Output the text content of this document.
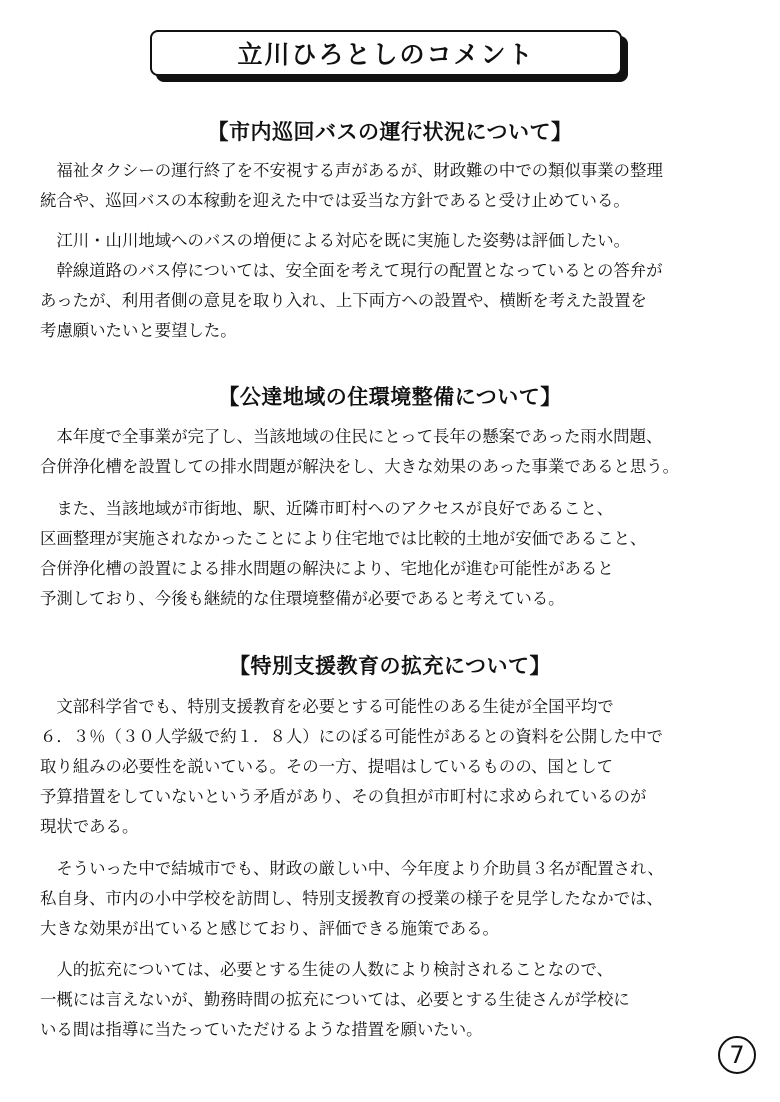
立川ひろとしのコメント
【市内巡回バスの運行状況について】

　福祉タクシーの運行終了を不安視する声があるが、財政難の中での類似事業の整理
統合や、巡回バスの本稼動を迎えた中では妥当な方針であると受け止めている。

　江川・山川地域へのバスの増便による対応を既に実施した姿勢は評価したい。
　幹線道路のバス停については、安全面を考えて現行の配置となっているとの答弁が
あったが、利用者側の意見を取り入れ、上下両方への設置や、横断を考えた設置を
考慮願いたいと要望した。

【公達地域の住環境整備について】

　本年度で全事業が完了し、当該地域の住民にとって長年の懸案であった雨水問題、
合併浄化槽を設置しての排水問題が解決をし、大きな効果のあった事業であると思う。

　また、当該地域が市街地、駅、近隣市町村へのアクセスが良好であること、
区画整理が実施されなかったことにより住宅地では比較的土地が安価であること、
合併浄化槽の設置による排水問題の解決により、宅地化が進む可能性があると
予測しており、今後も継続的な住環境整備が必要であると考えている。

【特別支援教育の拡充について】

　文部科学省でも、特別支援教育を必要とする可能性のある生徒が全国平均で
６．３％（３０人学級で約１．８人）にのぼる可能性があるとの資料を公開した中で
取り組みの必要性を説いている。その一方、提唱はしているものの、国として
予算措置をしていないという矛盾があり、その負担が市町村に求められているのが
現状である。

　そういった中で結城市でも、財政の厳しい中、今年度より介助員３名が配置され、
私自身、市内の小中学校を訪問し、特別支援教育の授業の様子を見学したなかでは、
大きな効果が出ていると感じており、評価できる施策である。

　人的拡充については、必要とする生徒の人数により検討されることなので、
一概には言えないが、勤務時間の拡充については、必要とする生徒さんが学校に
いる間は指導に当たっていただけるような措置を願いたい。

7
